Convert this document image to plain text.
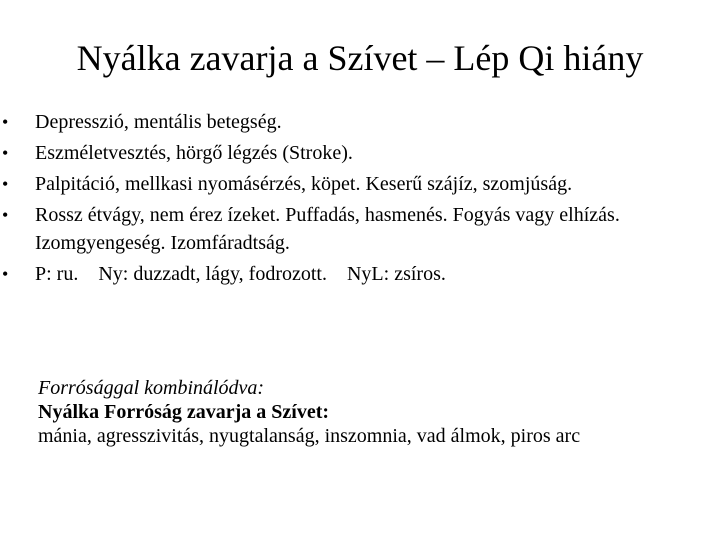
Nyálka zavarja a Szívet – Lép Qi hiány
• Depresszió, mentális betegség.
• Eszméletvesztés, hörgő légzés (Stroke).
• Palpitáció, mellkasi nyomásérzés, köpet. Keserű szájíz, szomjúság.
• Rossz étvágy, nem érez ízeket. Puffadás, hasmenés. Fogyás vagy elhízás. Izomgyengeség. Izomfáradtság.
• P: ru.    Ny: duzzadt, lágy, fodrozott.    NyL: zsíros.
Forrósággal kombinálódva:
Nyálka Forróság zavarja a Szívet:
mánia, agresszivitás, nyugtalanság, inszomnia, vad álmok, piros arc
